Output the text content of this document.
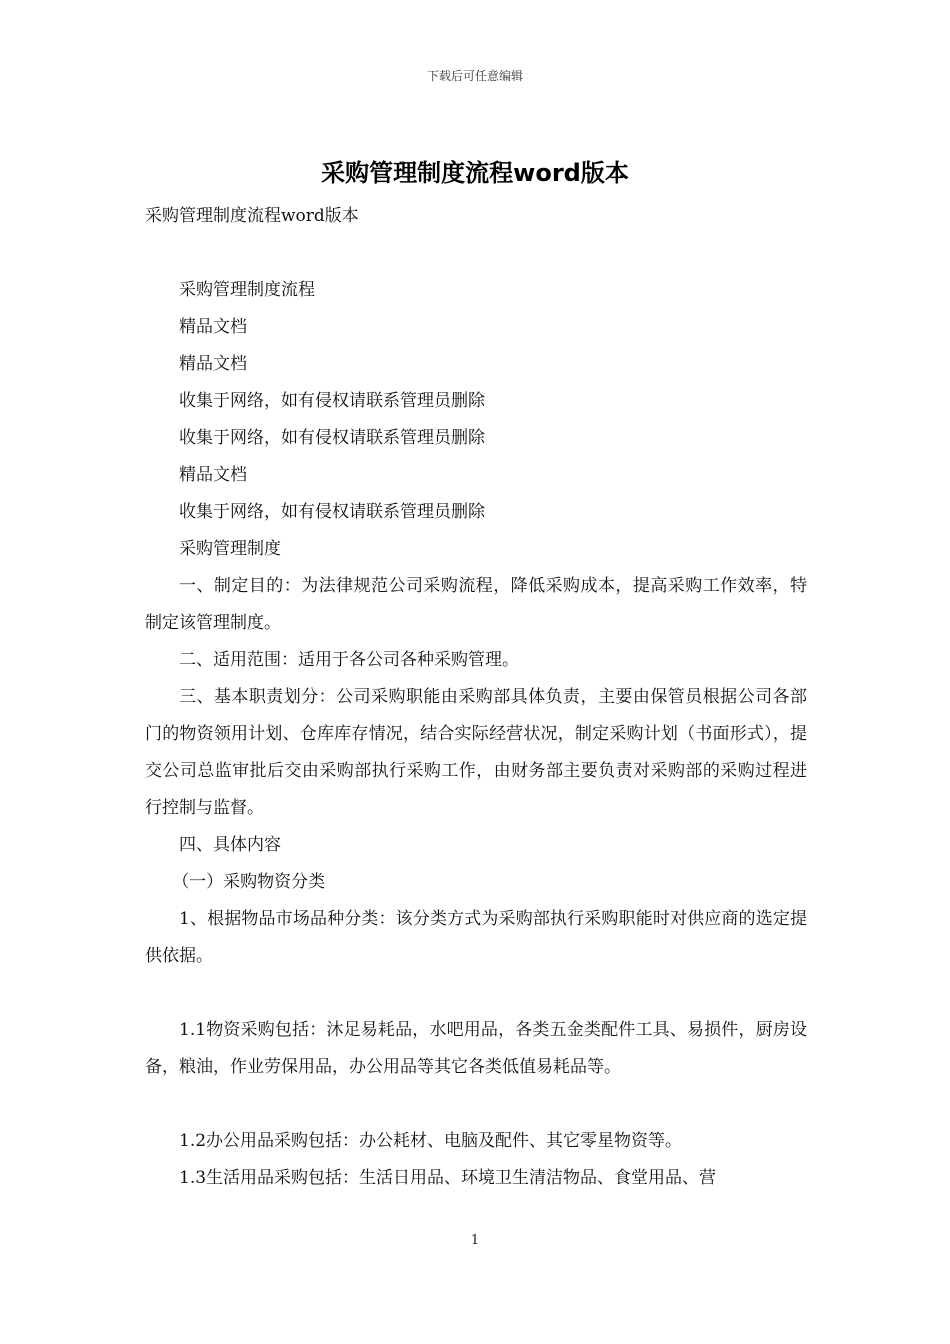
下载后可任意编辑
采购管理制度流程word版本
采购管理制度流程word版本
采购管理制度流程
精品文档
精品文档
收集于网络，如有侵权请联系管理员删除
收集于网络，如有侵权请联系管理员删除
精品文档
收集于网络，如有侵权请联系管理员删除
采购管理制度
一、制定目的：为法律规范公司采购流程，降低采购成本，提高采购工作效率，特制定该管理制度。
二、适用范围：适用于各公司各种采购管理。
三、基本职责划分：公司采购职能由采购部具体负责，主要由保管员根据公司各部门的物资领用计划、仓库库存情况，结合实际经营状况，制定采购计划（书面形式），提交公司总监审批后交由采购部执行采购工作，由财务部主要负责对采购部的采购过程进行控制与监督。
四、具体内容
（一）采购物资分类
1、根据物品市场品种分类：该分类方式为采购部执行采购职能时对供应商的选定提供依据。
1.1物资采购包括：沐足易耗品，水吧用品，各类五金类配件工具、易损件，厨房设备，粮油，作业劳保用品，办公用品等其它各类低值易耗品等。
1.2办公用品采购包括：办公耗材、电脑及配件、其它零星物资等。
1.3生活用品采购包括：生活日用品、环境卫生清洁物品、食堂用品、营
1
